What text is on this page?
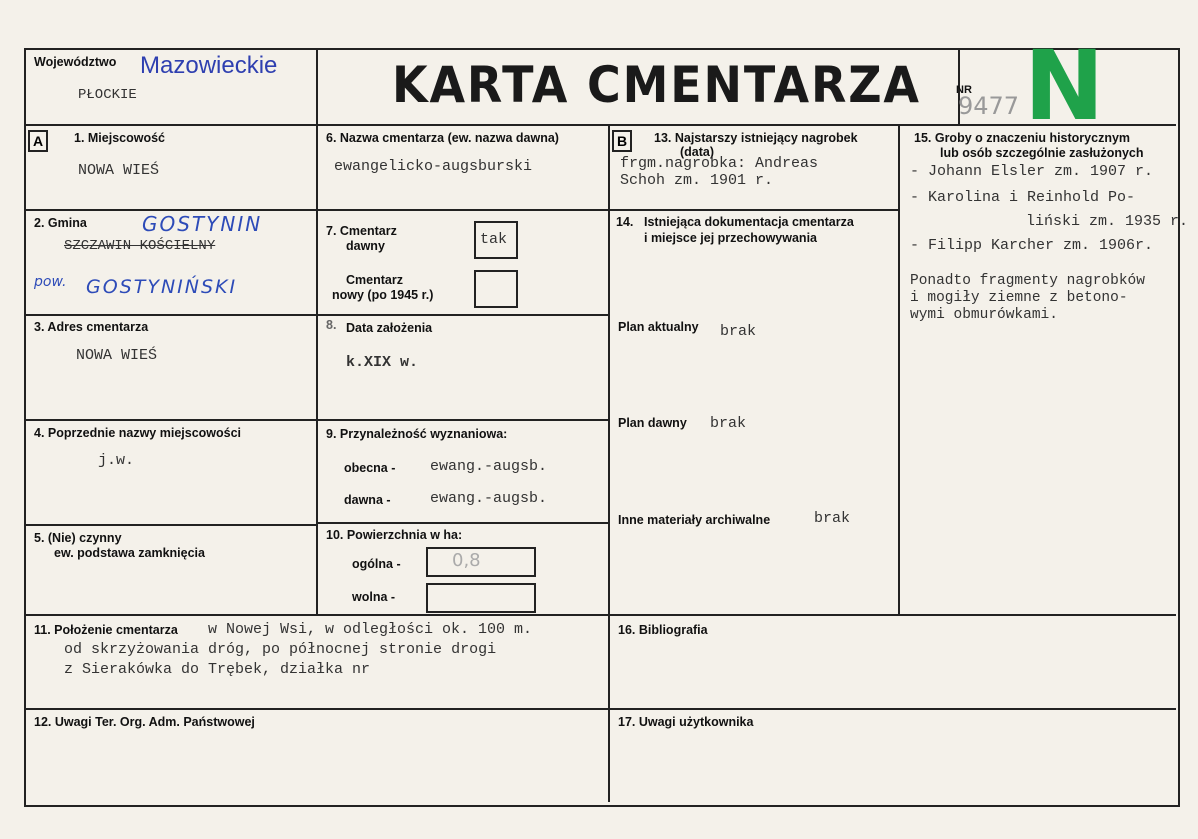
Województwo Mazowieckie
PŁOCKIE	KARTA CMENTARZA	NR
9477 N
A	B
1. Miejscowość
NOWA WIEŚ
2. Gmina	GOSTYNIN
SZCZAWIN KOŚCIELNY
pow. GOSTYNIŃSKI
3. Adres cmentarza
NOWA WIEŚ
4. Poprzednie nazwy miejscowości
j.w.
5. (Nie) czynny
ew. podstawa zamknięcia
6. Nazwa cmentarza (ew. nazwa dawna)
ewangelicko-augsburski
7. Cmentarz
dawny	tak
Cmentarz
nowy (po 1945 r.)
8. Data założenia
k.XIX w.
9. Przynależność wyznaniowa:
obecna - ewang.-augsb.
dawna -	ewang.-augsb.
10. Powierzchnia w ha:
ogólna -	0,8
wolna -
13. Najstarszy istniejący nagrobek
(data)
frgm.nagrobka: Andreas
Schoh zm. 1901 r.
14. Istniejąca dokumentacja cmentarza
i miejsce jej przechowywania
Plan aktualny brak
Plan dawny brak
Inne materiały archiwalne	brak
15. Groby o znaczeniu historycznym
lub osób szczególnie zasłużonych
- Johann Elsler zm. 1907 r.
- Karolina i Reinhold Po-
liński zm. 1935 r.
- Filipp Karcher zm. 1906r.
Ponadto fragmenty nagrobków
i mogiły ziemne z betono-
wymi obmurówkami.
11. Położenie cmentarza w Nowej Wsi, w odległości ok. 100 m.
od skrzyżowania dróg, po północnej stronie drogi
z Sierakówka do Trębek, działka nr
16. Bibliografia
12. Uwagi Ter. Org. Adm. Państwowej	17. Uwagi użytkownika
